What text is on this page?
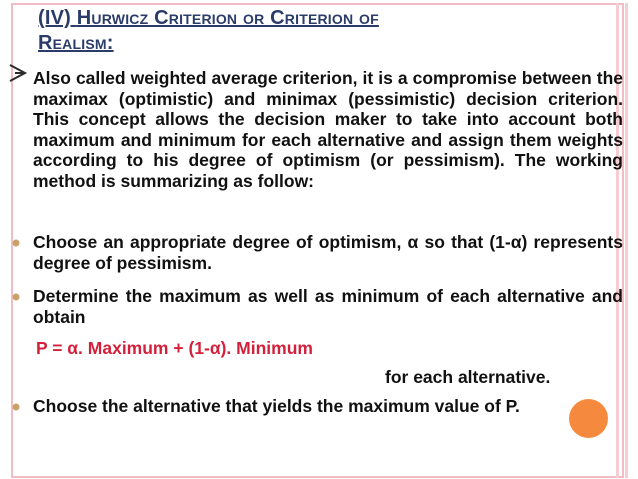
(IV) Hurwicz Criterion or Criterion of
Realism:

Also called weighted average criterion, it is a compromise between the maximax (optimistic) and minimax (pessimistic) decision criterion. This concept allows the decision maker to take into account both maximum and minimum for each alternative and assign them weights according to his degree of optimism (or pessimism). The working method is summarizing as follow:

Choose an appropriate degree of optimism, α so that (1-α) represents degree of pessimism.

Determine the maximum as well as minimum of each alternative and obtain

P = α. Maximum + (1-α). Minimum
for each alternative.

Choose the alternative that yields the maximum value of P.
